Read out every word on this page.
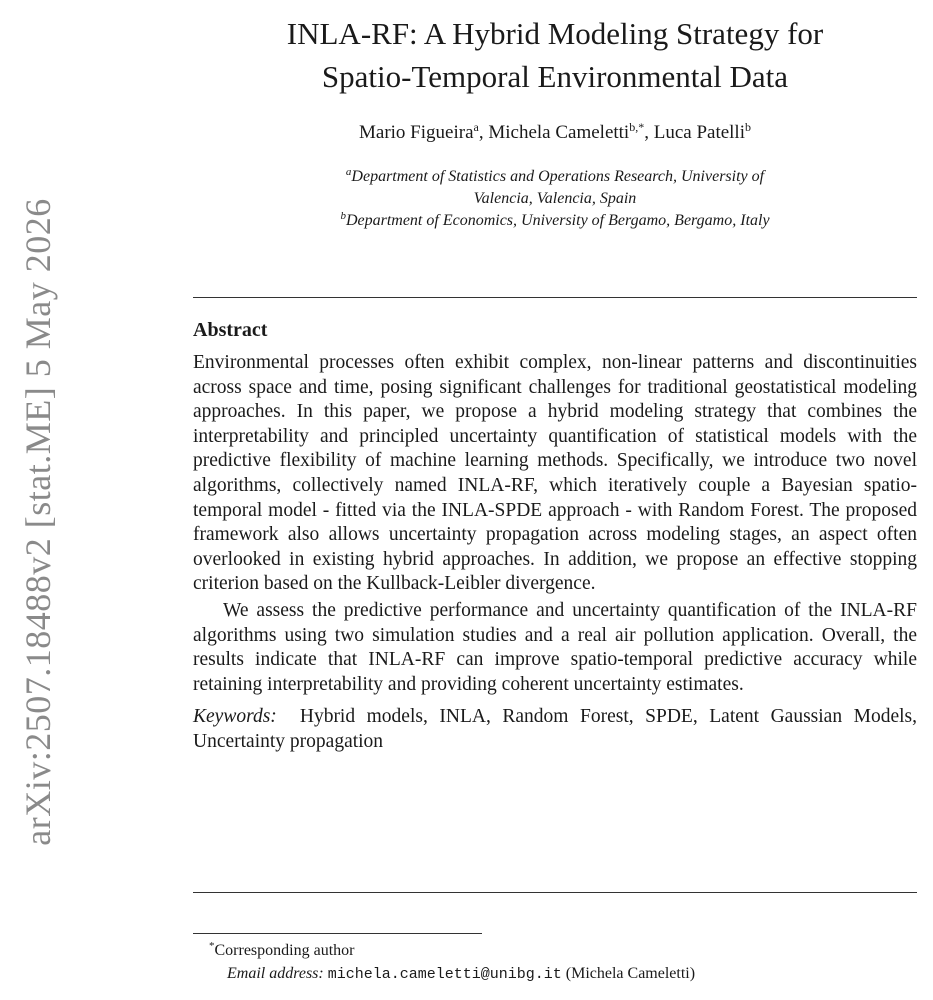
arXiv:2507.18488v2 [stat.ME] 5 May 2026
INLA-RF: A Hybrid Modeling Strategy for
Spatio-Temporal Environmental Data
Mario Figueira$^a$, Michela Cameletti$^{b,*}$, Luca Patelli$^b$
$^a$Department of Statistics and Operations Research, University of
Valencia, Valencia, Spain
$^b$Department of Economics, University of Bergamo, Bergamo, Italy
Abstract

Environmental processes often exhibit complex, non-linear patterns and discontinuities across space and time, posing significant challenges for traditional geostatistical modeling approaches. In this paper, we propose a hybrid modeling strategy that combines the interpretability and principled uncertainty quantification of statistical models with the predictive flexibility of machine learning methods. Specifically, we introduce two novel algorithms, collectively named INLA-RF, which iteratively couple a Bayesian spatio-temporal model - fitted via the INLA-SPDE approach - with Random Forest. The proposed framework also allows uncertainty propagation across modeling stages, an aspect often overlooked in existing hybrid approaches. In addition, we propose an effective stopping criterion based on the Kullback-Leibler divergence.

We assess the predictive performance and uncertainty quantification of the INLA-RF algorithms using two simulation studies and a real air pollution application. Overall, the results indicate that INLA-RF can improve spatio-temporal predictive accuracy while retaining interpretability and providing coherent uncertainty estimates.

Keywords: Hybrid models, INLA, Random Forest, SPDE, Latent Gaussian Models, Uncertainty propagation

*Corresponding author
Email address: michela.cameletti@unibg.it (Michela Cameletti)
